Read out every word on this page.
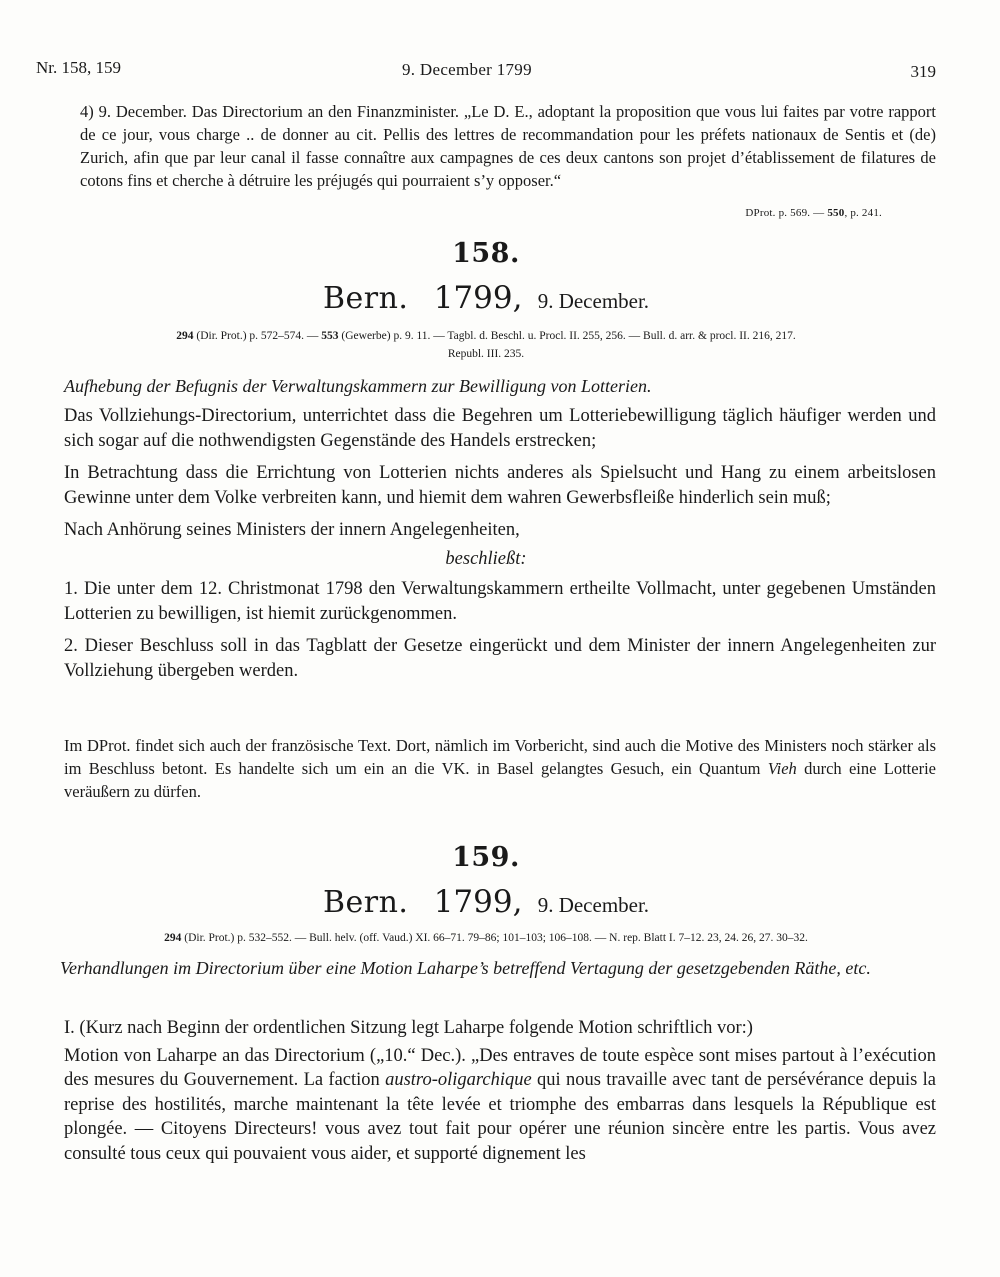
Nr. 158, 159	9. December 1799	319

4) 9. December. Das Directorium an den Finanzminister. „Le D. E., adoptant la proposition que vous lui faites par votre rapport de ce jour, vous charge .. de donner au cit. Pellis des lettres de recommandation pour les préfets nationaux de Sentis et (de) Zurich, afin que par leur canal il fasse connaître aux campagnes de ces deux cantons son projet d’établissement de filatures de cotons fins et cherche à détruire les préjugés qui pourraient s’y opposer.“

DProt. p. 569. — 550, p. 241.
158.
Bern. 1799, 9. December.
294 (Dir. Prot.) p. 572–574. — 553 (Gewerbe) p. 9. 11. — Tagbl. d. Beschl. u. Procl. II. 255, 256. — Bull. d. arr. & procl. II. 216, 217.
Republ. III. 235.
Aufhebung der Befugnis der Verwaltungskammern zur Bewilligung von Lotterien.

Das Vollziehungs-Directorium, unterrichtet dass die Begehren um Lotteriebewilligung täglich häufiger werden und sich sogar auf die nothwendigsten Gegenstände des Handels erstrecken;

In Betrachtung dass die Errichtung von Lotterien nichts anderes als Spielsucht und Hang zu einem arbeitslosen Gewinne unter dem Volke verbreiten kann, und hiemit dem wahren Gewerbsfleiße hinderlich sein muß;

Nach Anhörung seines Ministers der innern Angelegenheiten,

beschließt:

1. Die unter dem 12. Christmonat 1798 den Verwaltungskammern ertheilte Vollmacht, unter gegebenen Umständen Lotterien zu bewilligen, ist hiemit zurückgenommen.

2. Dieser Beschluss soll in das Tagblatt der Gesetze eingerückt und dem Minister der innern Angelegenheiten zur Vollziehung übergeben werden.

Im DProt. findet sich auch der französische Text. Dort, nämlich im Vorbericht, sind auch die Motive des Ministers noch stärker als im Beschluss betont. Es handelte sich um ein an die VK. in Basel gelangtes Gesuch, ein Quantum Vieh durch eine Lotterie veräußern zu dürfen.

159.
Bern. 1799, 9. December.
294 (Dir. Prot.) p. 532–552. — Bull. helv. (off. Vaud.) XI. 66–71. 79–86; 101–103; 106–108. — N. rep. Blatt I. 7–12. 23, 24. 26, 27. 30–32.
Verhandlungen im Directorium über eine Motion Laharpe’s betreffend Vertagung der gesetzgebenden Räthe, etc.

I. (Kurz nach Beginn der ordentlichen Sitzung legt Laharpe folgende Motion schriftlich vor:)

Motion von Laharpe an das Directorium („10.“ Dec.). „Des entraves de toute espèce sont mises partout à l’exécution des mesures du Gouvernement. La faction austro-oligarchique qui nous travaille avec tant de persévérance depuis la reprise des hostilités, marche maintenant la tête levée et triomphe des embarras dans lesquels la République est plongée. — Citoyens Directeurs! vous avez tout fait pour opérer une réunion sincère entre les partis. Vous avez consulté tous ceux qui pouvaient vous aider, et supporté dignement les
